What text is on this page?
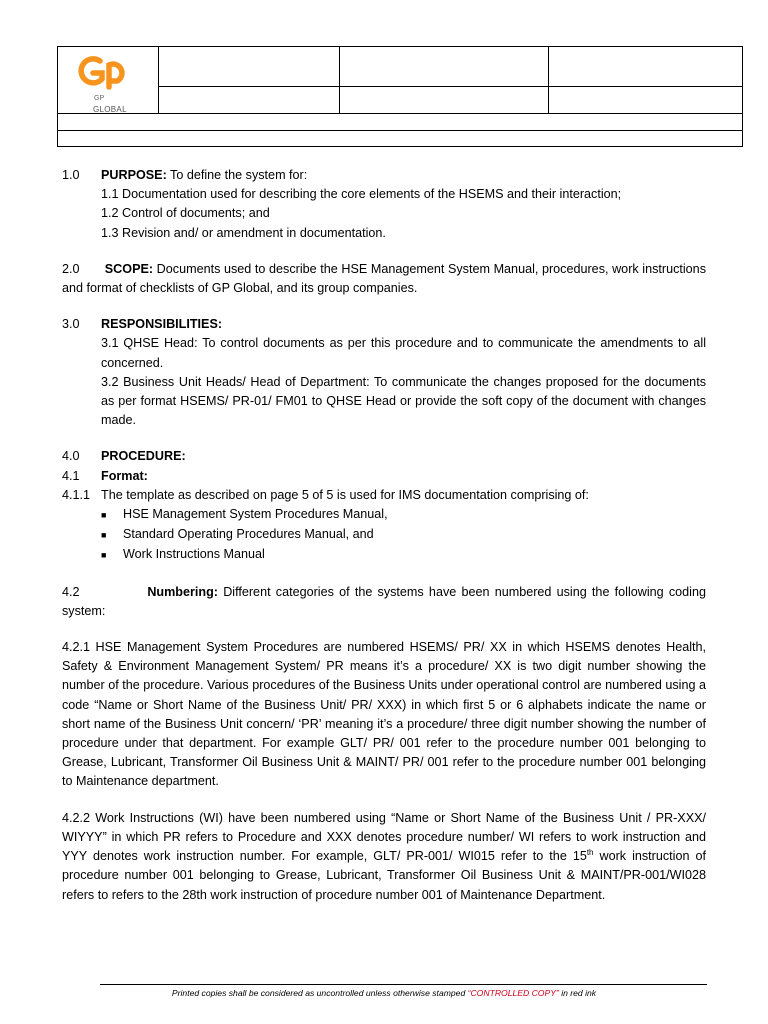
GP
GLOBAL
1.0	PURPOSE: To define the system for:
1.1 Documentation used for describing the core elements of the HSEMS and their interaction;
1.2 Control of documents; and
1.3 Revision and/ or amendment in documentation.
2.0 SCOPE: Documents used to describe the HSE Management System Manual, procedures, work instructions and format of checklists of GP Global, and its group companies.
3.0	RESPONSIBILITIES:
3.1 QHSE Head: To control documents as per this procedure and to communicate the amendments to all concerned.
3.2 Business Unit Heads/ Head of Department: To communicate the changes proposed for the documents as per format HSEMS/ PR-01/ FM01 to QHSE Head or provide the soft copy of the document with changes made.
4.0	PROCEDURE:
4.1	Format:
4.1.1 The template as described on page 5 of 5 is used for IMS documentation comprising of:
■	HSE Management System Procedures Manual,
■	Standard Operating Procedures Manual, and
■	Work Instructions Manual
4.2	Numbering: Different categories of the systems have been numbered using the following coding system:
4.2.1 HSE Management System Procedures are numbered HSEMS/ PR/ XX in which HSEMS denotes Health, Safety & Environment Management System/ PR means it’s a procedure/ XX is two digit number showing the number of the procedure. Various procedures of the Business Units under operational control are numbered using a code “Name or Short Name of the Business Unit/ PR/ XXX) in which first 5 or 6 alphabets indicate the name or short name of the Business Unit concern/ ‘PR’ meaning it’s a procedure/ three digit number showing the number of procedure under that department. For example GLT/ PR/ 001 refer to the procedure number 001 belonging to Grease, Lubricant, Transformer Oil Business Unit & MAINT/ PR/ 001 refer to the procedure number 001 belonging to Maintenance department.
4.2.2 Work Instructions (WI) have been numbered using “Name or Short Name of the Business Unit / PR-XXX/ WIYYY” in which PR refers to Procedure and XXX denotes procedure number/ WI refers to work instruction and YYY denotes work instruction number. For example, GLT/ PR-001/ WI015 refer to the 15th work instruction of procedure number 001 belonging to Grease, Lubricant, Transformer Oil Business Unit & MAINT/PR-001/WI028 refers to refers to the 28th work instruction of procedure number 001 of Maintenance Department.
Printed copies shall be considered as uncontrolled unless otherwise stamped “CONTROLLED COPY” in red ink
